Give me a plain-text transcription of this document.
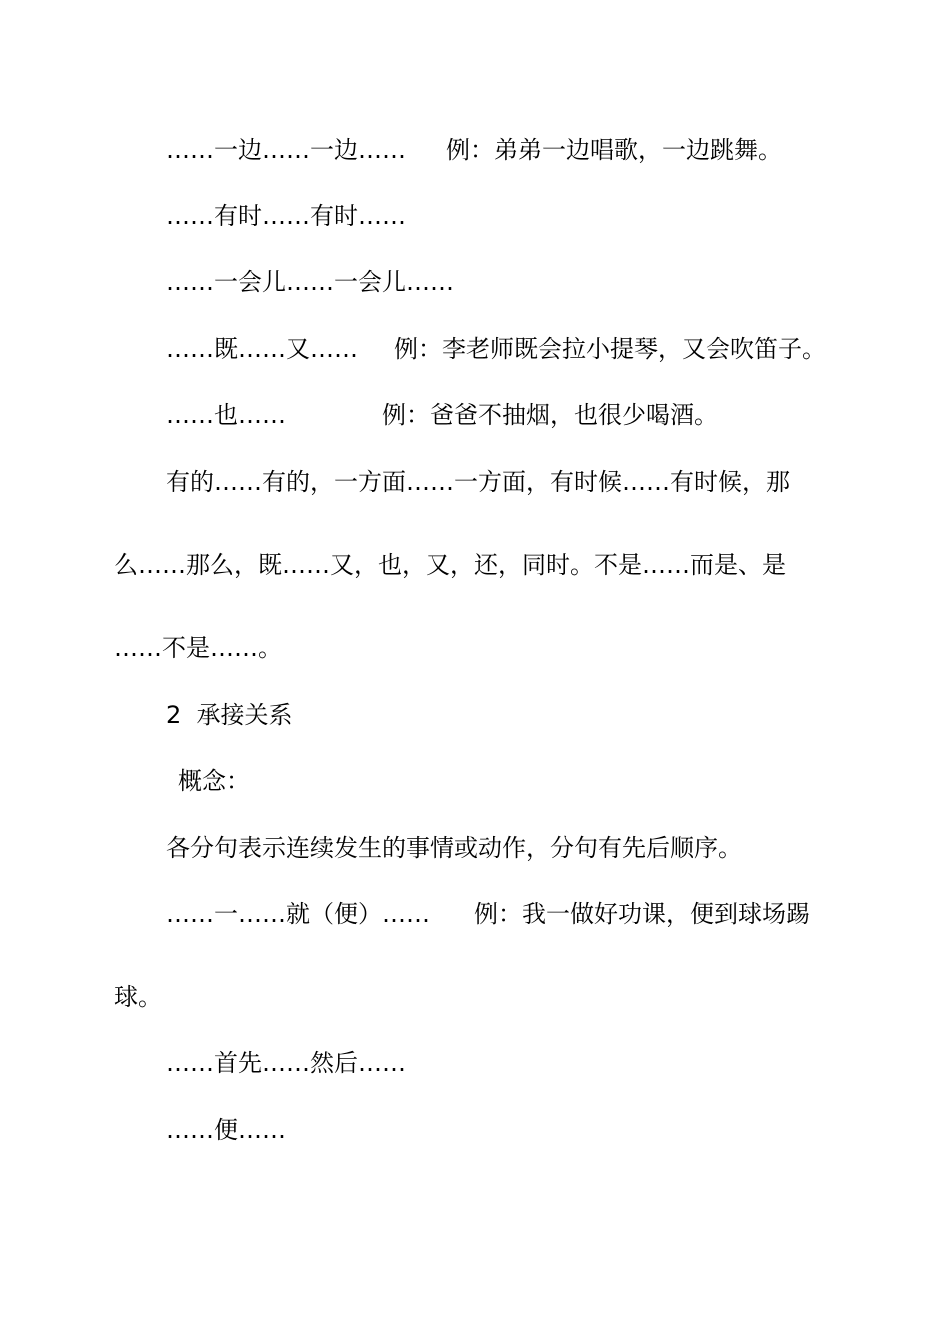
……一边……一边…… 例：弟弟一边唱歌，一边跳舞。
……有时……有时……
……一会儿……一会儿……
……既……又…… 例：李老师既会拉小提琴，又会吹笛子。
……也……	例：爸爸不抽烟，也很少喝酒。
有的……有的，一方面……一方面，有时候……有时候，那
么……那么，既……又，也，又，还，同时。不是……而是、是
……不是……。
2  承接关系
概念：
各分句表示连续发生的事情或动作，分句有先后顺序。
……一……就（便）…… 例：我一做好功课，便到球场踢
球。
……首先……然后……
……便……
